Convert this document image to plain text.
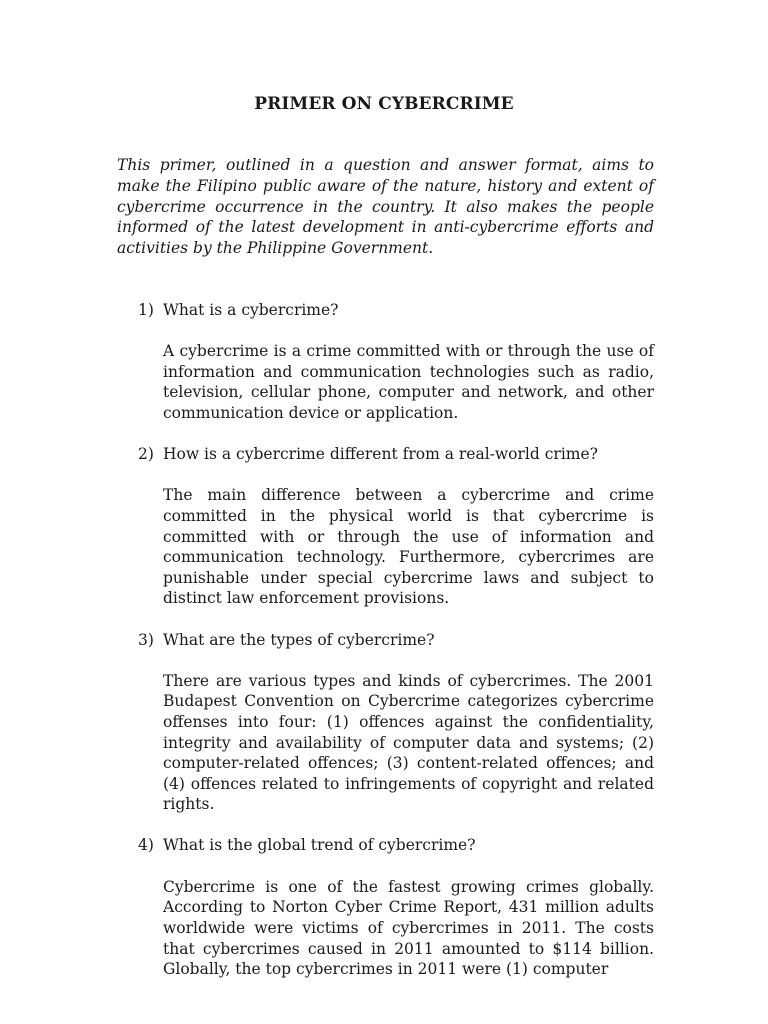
PRIMER ON CYBERCRIME
This primer, outlined in a question and answer format, aims to make the Filipino public aware of the nature, history and extent of cybercrime occurrence in the country. It also makes the people informed of the latest development in anti-cybercrime efforts and activities by the Philippine Government.
1) What is a cybercrime?
A cybercrime is a crime committed with or through the use of information and communication technologies such as radio, television, cellular phone, computer and network, and other communication device or application.
2) How is a cybercrime different from a real-world crime?
The main difference between a cybercrime and crime committed in the physical world is that cybercrime is committed with or through the use of information and communication technology. Furthermore, cybercrimes are punishable under special cybercrime laws and subject to distinct law enforcement provisions.
3) What are the types of cybercrime?
There are various types and kinds of cybercrimes. The 2001 Budapest Convention on Cybercrime categorizes cybercrime offenses into four: (1) offences against the confidentiality, integrity and availability of computer data and systems; (2) computer-related offences; (3) content-related offences; and (4) offences related to infringements of copyright and related rights.
4) What is the global trend of cybercrime?
Cybercrime is one of the fastest growing crimes globally. According to Norton Cyber Crime Report, 431 million adults worldwide were victims of cybercrimes in 2011. The costs that cybercrimes caused in 2011 amounted to $114 billion. Globally, the top cybercrimes in 2011 were (1) computer
